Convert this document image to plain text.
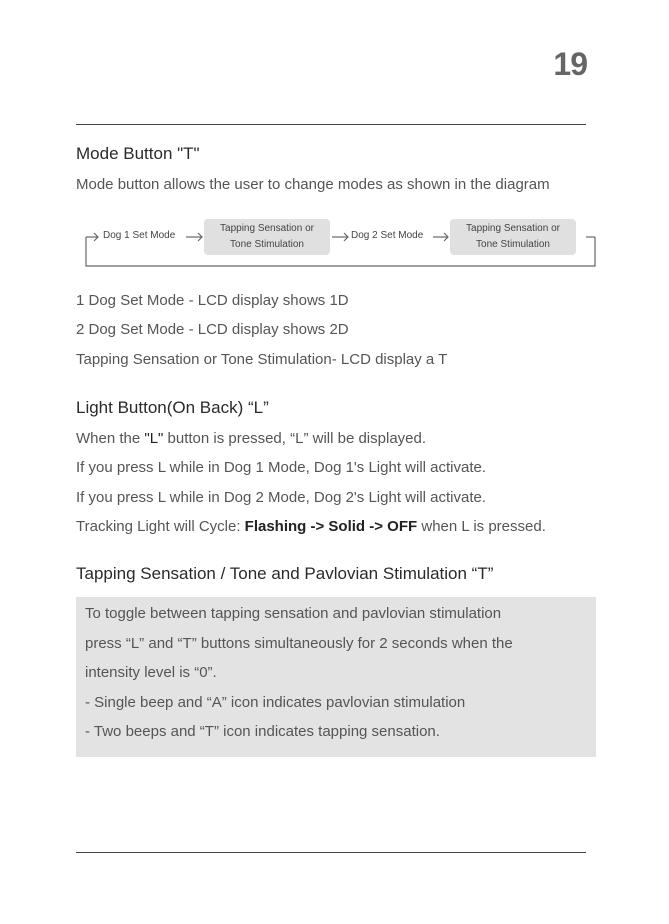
19
Mode Button "T"
Mode button allows the user to change modes as shown in the diagram
Dog 1 Set Mode
Tapping Sensation or
Tone Stimulation
Dog 2 Set Mode
Tapping Sensation or
Tone Stimulation
1 Dog Set Mode - LCD display shows 1D
2 Dog Set Mode - LCD display shows 2D
Tapping Sensation or Tone Stimulation- LCD display a T
Light Button(On Back) “L”
When the "L" button is pressed, “L” will be displayed.
If you press L while in Dog 1 Mode, Dog 1's Light will activate.
If you press L while in Dog 2 Mode, Dog 2's Light will activate.
Tracking Light will Cycle: Flashing -> Solid -> OFF when L is pressed.
Tapping Sensation / Tone and Pavlovian Stimulation “T”
To toggle between tapping sensation and pavlovian stimulation
press “L” and “T” buttons simultaneously for 2 seconds when the
intensity level is “0”.
- Single beep and “A” icon indicates pavlovian stimulation
- Two beeps and “T” icon indicates tapping sensation.
